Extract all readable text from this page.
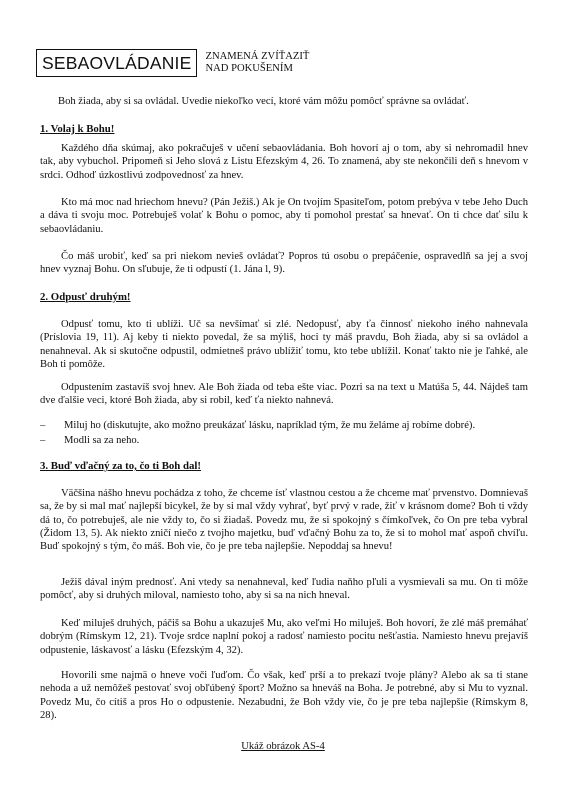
SEBAOVLÁDANIE	ZNAMENÁ ZVÍŤAZIŤ
NAD POKUŠENÍM

Boh žiada, aby si sa ovládal. Uvedie niekoľko vecí, ktoré vám môžu pomôcť správne sa ovládať.

1. Volaj k Bohu!

Každého dňa skúmaj, ako pokračuješ v učení sebaovládania. Boh hovorí aj o tom, aby si nehromadil hnev tak, aby vybuchol. Pripomeň si Jeho slová z Listu Efezským 4, 26. To znamená, aby ste nekončili deň s hnevom v srdci. Odhoď úzkostlivú zodpovednosť za hnev.

Kto má moc nad hriechom hnevu? (Pán Ježiš.) Ak je On tvojím Spasiteľom, potom prebýva v tebe Jeho Duch a dáva ti svoju moc. Potrebuješ volať k Bohu o pomoc, aby ti pomohol prestať sa hnevať. On ti chce dať silu k sebaovládaniu.

Čo máš urobiť, keď sa pri niekom nevieš ovládať? Popros tú osobu o prepáčenie, ospravedlň sa jej a svoj hnev vyznaj Bohu. On sľubuje, že ti odpustí (1. Jána l, 9).

2. Odpusť druhým!

Odpusť tomu, kto ti ublíži. Uč sa nevšímať si zlé. Nedopusť, aby ťa činnosť niekoho iného nahnevala (Príslovia 19, 11). Aj keby ti niekto povedal, že sa mýliš, hoci ty máš pravdu, Boh žiada, aby si sa ovládol a nenahneval. Ak si skutočne odpustil, odmietneš právo ublížiť tomu, kto tebe ublížil. Konať takto nie je ľahké, ale Boh ti pomôže.

Odpustením zastavíš svoj hnev. Ale Boh žiada od teba ešte viac. Pozri sa na text u Matúša 5, 44. Nájdeš tam dve ďalšie veci, ktoré Boh žiada, aby si robil, keď ťa niekto nahnevá.

–	Miluj ho (diskutujte, ako možno preukázať lásku, napríklad tým, že mu želáme aj robíme dobré).
–	Modli sa za neho.

3. Buď vďačný za to, čo ti Boh dal!

Väčšina nášho hnevu pochádza z toho, že chceme ísť vlastnou cestou a že chceme mať prvenstvo. Domnievaš sa, že by si mal mať najlepší bicykel, že by si mal vždy vyhrať, byť prvý v rade, žiť v krásnom dome? Boh ti vždy dá to, čo potrebuješ, ale nie vždy to, čo si žiadaš. Povedz mu, že si spokojný s čímkoľvek, čo On pre teba vybral (Židom 13, 5). Ak niekto zničí niečo z tvojho majetku, buď vďačný Bohu za to, že si to mohol mať aspoň chvíľu. Buď spokojný s tým, čo máš. Boh vie, čo je pre teba najlepšie. Nepoddaj sa hnevu!

Ježiš dával iným prednosť. Ani vtedy sa nenahneval, keď ľudia naňho pľuli a vysmievali sa mu. On ti môže pomôcť, aby si druhých miloval, namiesto toho, aby si sa na nich hneval.

Keď miluješ druhých, páčiš sa Bohu a ukazuješ Mu, ako veľmi Ho miluješ. Boh hovorí, že zlé máš premáhať dobrým (Rímskym 12, 21). Tvoje srdce naplní pokoj a radosť namiesto pocitu nešťastia. Namiesto hnevu prejavíš odpustenie, láskavosť a lásku (Efezským 4, 32).

Hovorili sme najmä o hneve voči ľuďom. Čo však, keď prší a to prekazí tvoje plány? Alebo ak sa ti stane nehoda a už nemôžeš pestovať svoj obľúbený šport? Možno sa hneváš na Boha. Je potrebné, aby si Mu to vyznal. Povedz Mu, čo cítiš a pros Ho o odpustenie. Nezabudni, že Boh vždy vie, čo je pre teba najlepšie (Rímskym 8, 28).

Ukáž obrázok AS-4
